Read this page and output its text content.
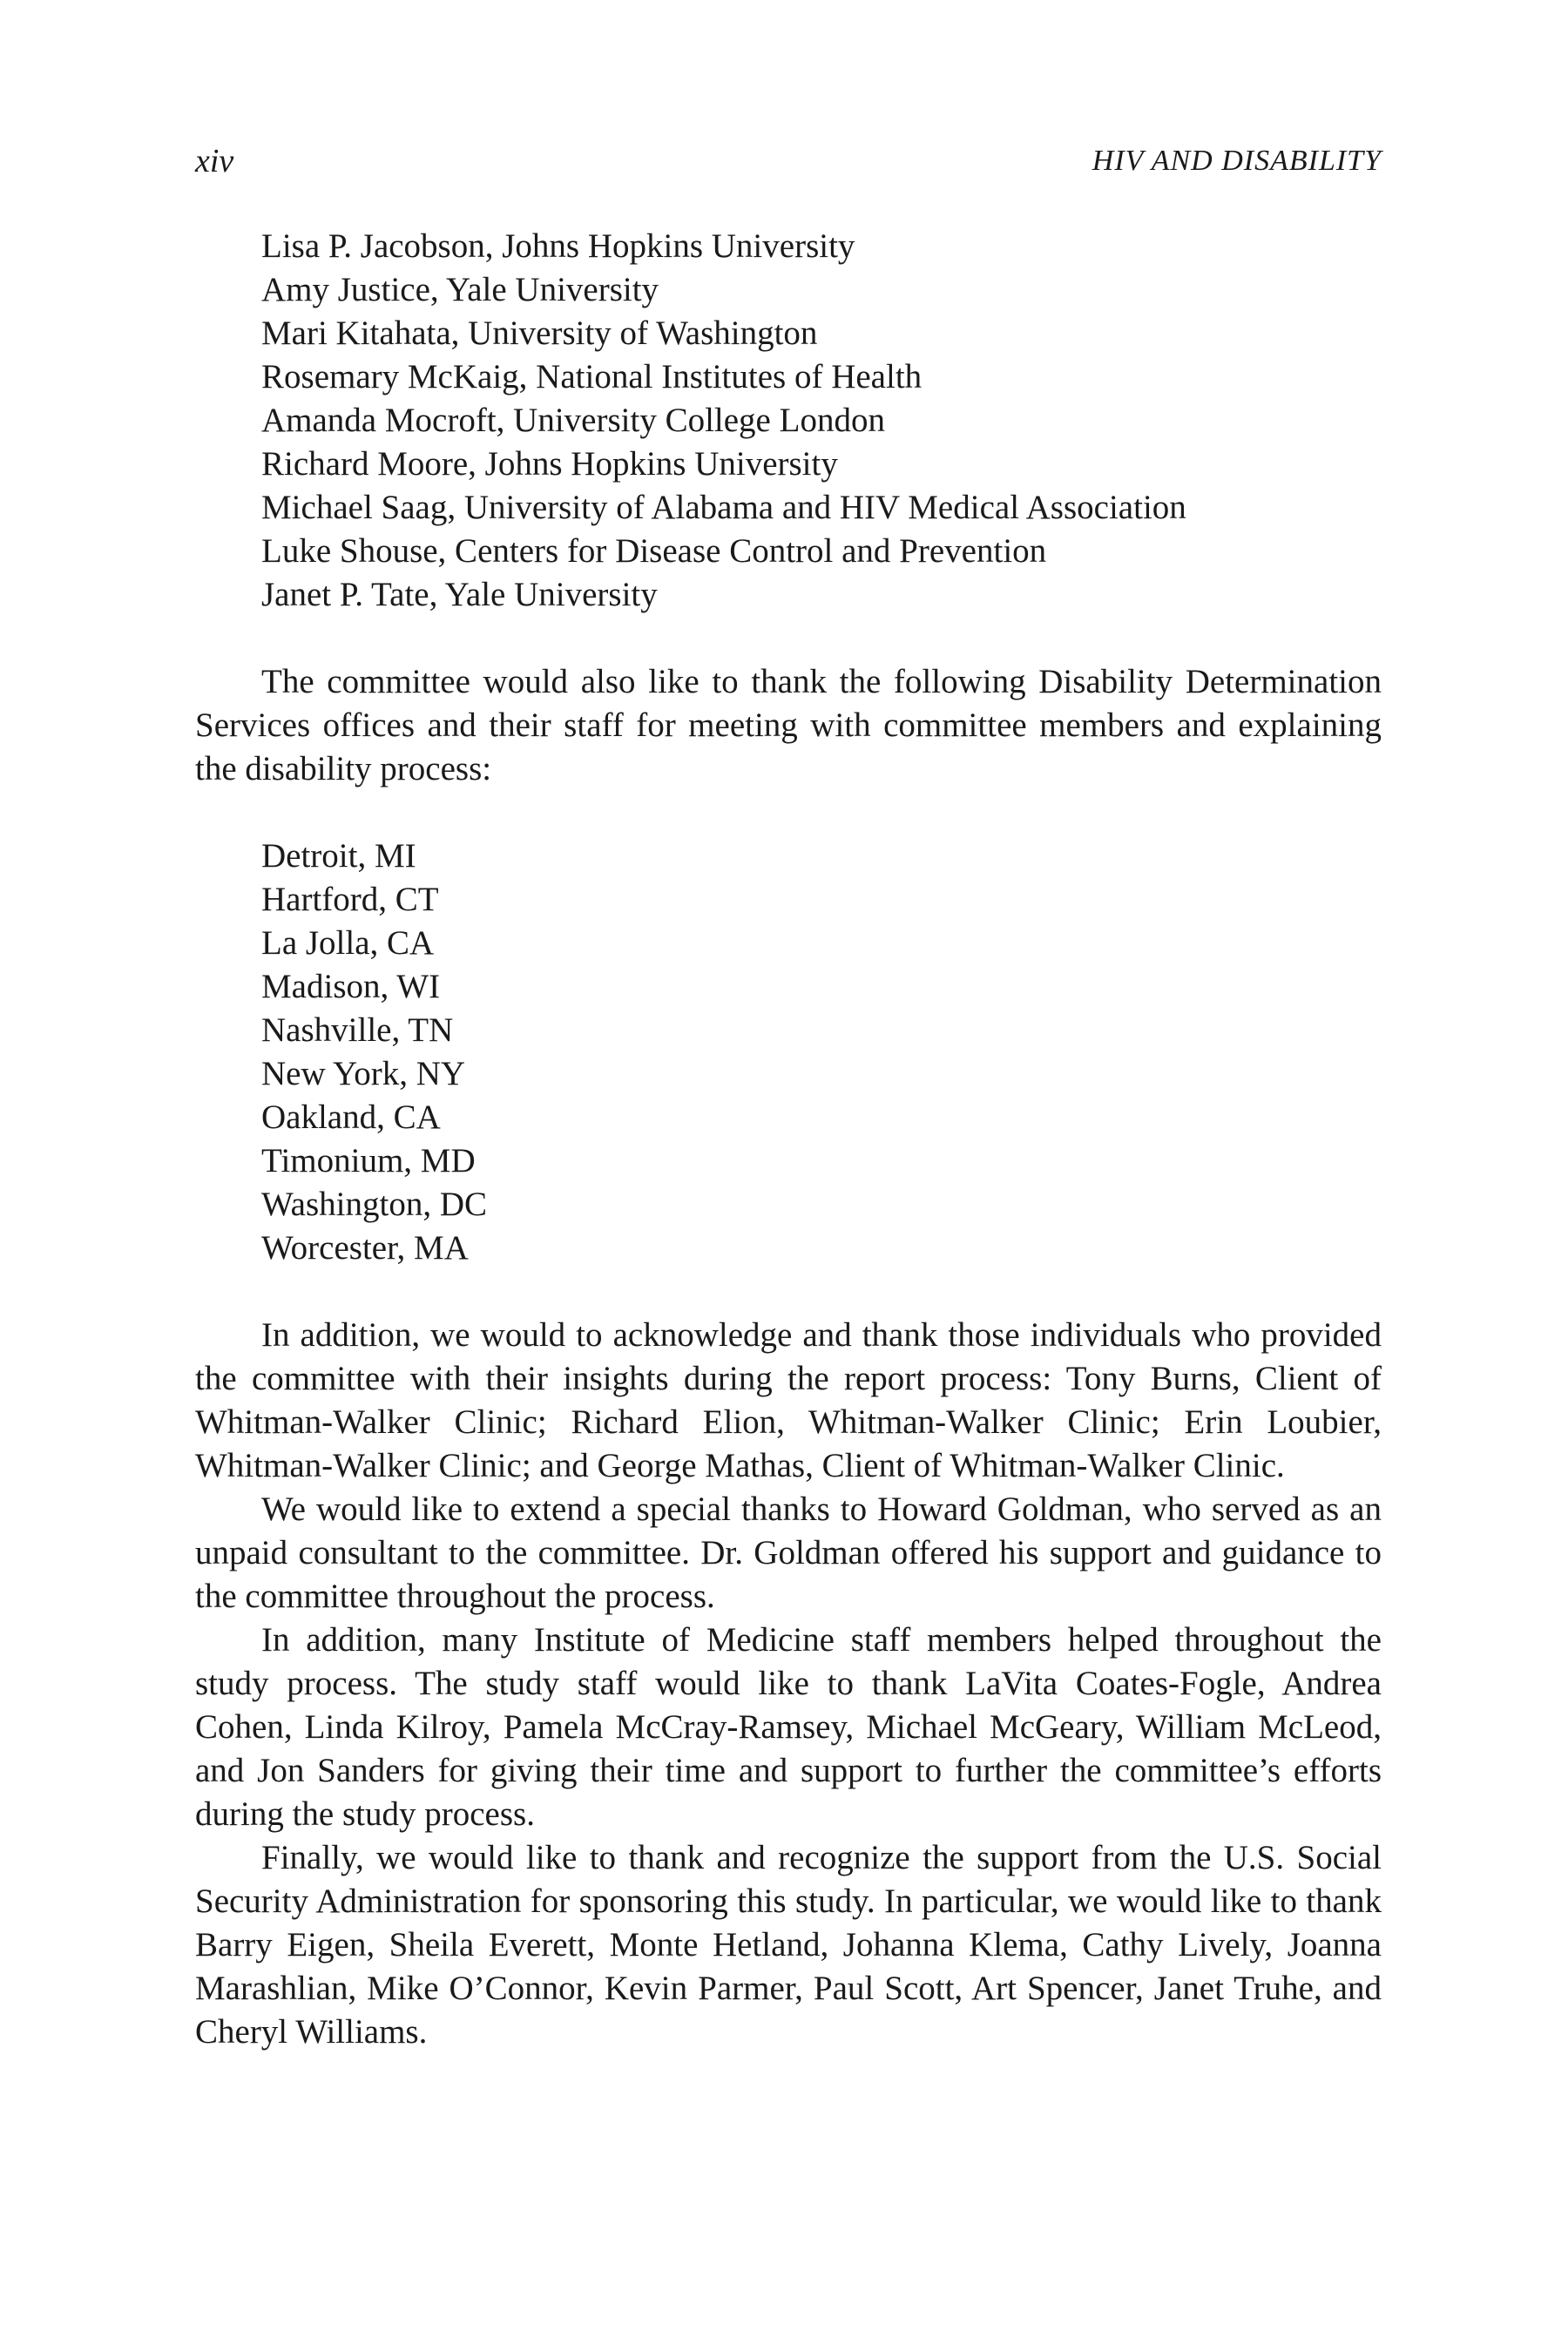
xiv	HIV AND DISABILITY
Lisa P. Jacobson, Johns Hopkins University
Amy Justice, Yale University
Mari Kitahata, University of Washington
Rosemary McKaig, National Institutes of Health
Amanda Mocroft, University College London
Richard Moore, Johns Hopkins University
Michael Saag, University of Alabama and HIV Medical Association
Luke Shouse, Centers for Disease Control and Prevention
Janet P. Tate, Yale University

The committee would also like to thank the following Disability Determination Services offices and their staff for meeting with committee members and explaining the disability process:

Detroit, MI
Hartford, CT
La Jolla, CA
Madison, WI
Nashville, TN
New York, NY
Oakland, CA
Timonium, MD
Washington, DC
Worcester, MA

In addition, we would to acknowledge and thank those individuals who provided the committee with their insights during the report process: Tony Burns, Client of Whitman-Walker Clinic; Richard Elion, Whitman-Walker Clinic; Erin Loubier, Whitman-Walker Clinic; and George Mathas, Client of Whitman-Walker Clinic.

We would like to extend a special thanks to Howard Goldman, who served as an unpaid consultant to the committee. Dr. Goldman offered his support and guidance to the committee throughout the process.

In addition, many Institute of Medicine staff members helped throughout the study process. The study staff would like to thank LaVita Coates-Fogle, Andrea Cohen, Linda Kilroy, Pamela McCray-Ramsey, Michael McGeary, William McLeod, and Jon Sanders for giving their time and support to further the committee’s efforts during the study process.

Finally, we would like to thank and recognize the support from the U.S. Social Security Administration for sponsoring this study. In particular, we would like to thank Barry Eigen, Sheila Everett, Monte Hetland, Johanna Klema, Cathy Lively, Joanna Marashlian, Mike O’Connor, Kevin Parmer, Paul Scott, Art Spencer, Janet Truhe, and Cheryl Williams.
